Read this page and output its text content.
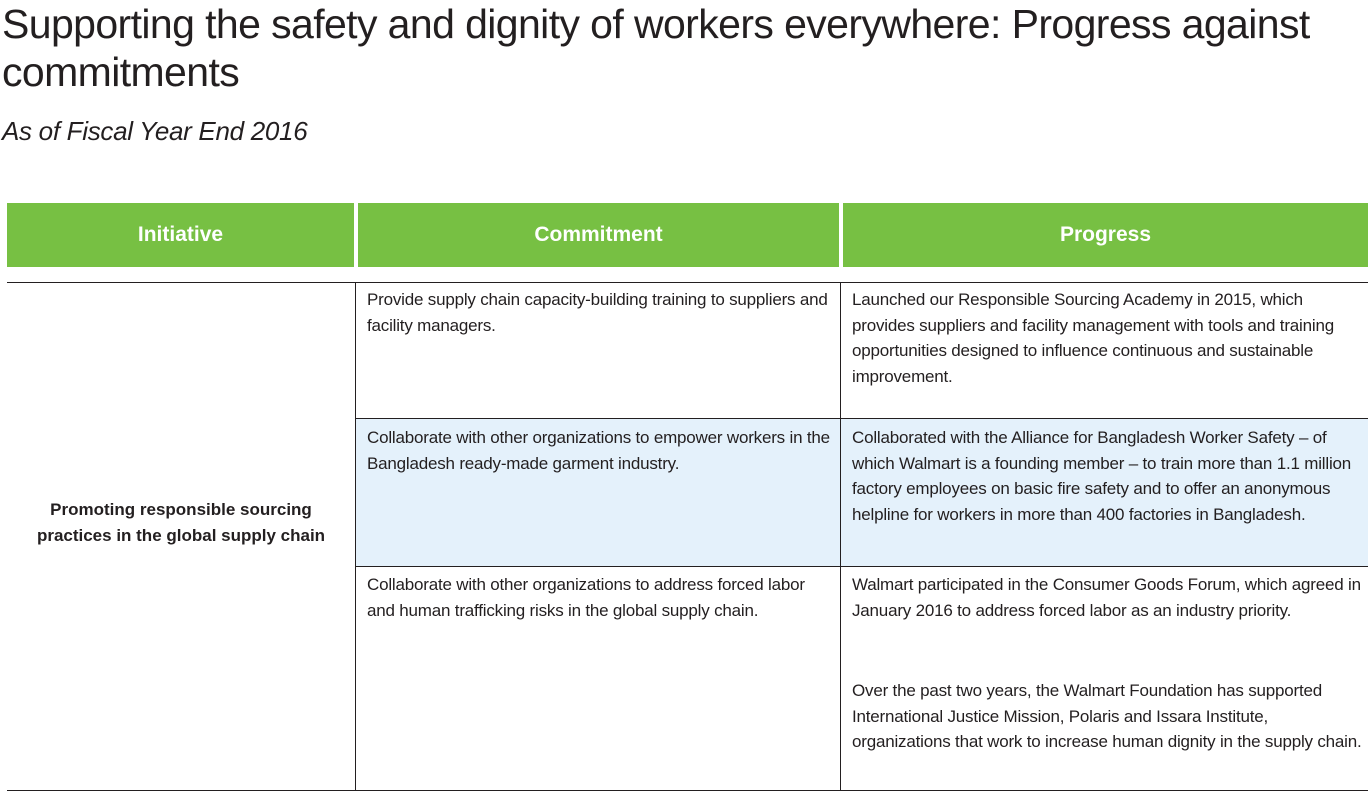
Supporting the safety and dignity of workers everywhere: Progress against commitments

As of Fiscal Year End 2016

Initiative	Commitment	Progress
Promoting responsible sourcing practices in the global supply chain
Provide supply chain capacity-building training to suppliers and facility managers.
Launched our Responsible Sourcing Academy in 2015, which provides suppliers and facility management with tools and training opportunities designed to influence continuous and sustainable improvement.
Collaborate with other organizations to empower workers in the Bangladesh ready-made garment industry.
Collaborated with the Alliance for Bangladesh Worker Safety – of which Walmart is a founding member – to train more than 1.1 million factory employees on basic fire safety and to offer an anonymous helpline for workers in more than 400 factories in Bangladesh.
Collaborate with other organizations to address forced labor and human trafficking risks in the global supply chain.
Walmart participated in the Consumer Goods Forum, which agreed in January 2016 to address forced labor as an industry priority.
Over the past two years, the Walmart Foundation has supported International Justice Mission, Polaris and Issara Institute, organizations that work to increase human dignity in the supply chain.
